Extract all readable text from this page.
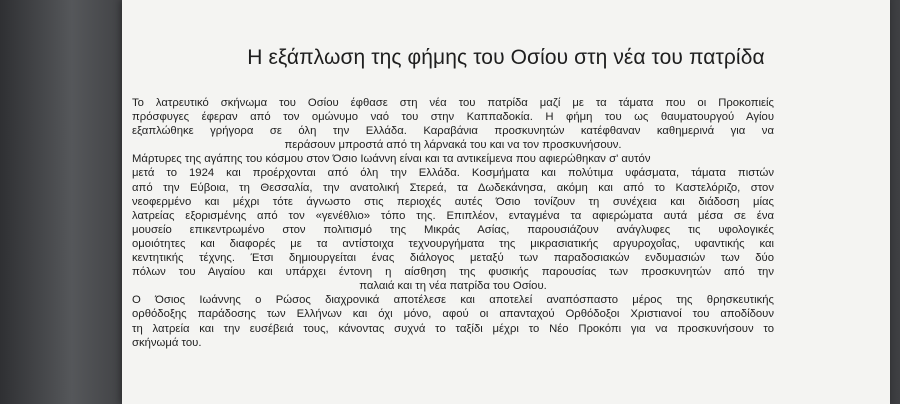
Η εξάπλωση της φήμης του Οσίου στη νέα του πατρίδα
Το λατρευτικό σκήνωμα του Οσίου έφθασε στη νέα του πατρίδα μαζί με τα τάματα που οι Προκοπιείς
πρόσφυγες έφεραν από τον ομώνυμο ναό του στην Καππαδοκία. Η φήμη του ως θαυματουργού Αγίου
εξαπλώθηκε γρήγορα σε όλη την Ελλάδα. Καραβάνια προσκυνητών κατέφθαναν καθημερινά για να
περάσουν μπροστά από τη λάρνακά του και να τον προσκυνήσουν.
Μάρτυρες της αγάπης του κόσμου στον Όσιο Ιωάννη είναι και τα αντικείμενα που αφιερώθηκαν σ' αυτόν
μετά το 1924 και προέρχονται από όλη την Ελλάδα. Κοσμήματα και πολύτιμα υφάσματα, τάματα πιστών
από την Εύβοια, τη Θεσσαλία, την ανατολική Στερεά, τα Δωδεκάνησα, ακόμη και από το Καστελόριζο, στον
νεοφερμένο και μέχρι τότε άγνωστο στις περιοχές αυτές Όσιο τονίζουν τη συνέχεια και διάδοση μίας
λατρείας εξορισμένης από τον «γενέθλιο» τόπο της. Επιπλέον, ενταγμένα τα αφιερώματα αυτά μέσα σε ένα
μουσείο επικεντρωμένο στον πολιτισμό της Μικράς Ασίας, παρουσιάζουν ανάγλυφες τις υφολογικές
ομοιότητες και διαφορές με τα αντίστοιχα τεχνουργήματα της μικρασιατικής αργυροχοΐας, υφαντικής και
κεντητικής τέχνης. Έτσι δημιουργείται ένας διάλογος μεταξύ των παραδοσιακών ενδυμασιών των δύο
πόλων του Αιγαίου και υπάρχει έντονη η αίσθηση της φυσικής παρουσίας των προσκυνητών από την
παλαιά και τη νέα πατρίδα του Οσίου.
Ο Όσιος Ιωάννης ο Ρώσος διαχρονικά αποτέλεσε και αποτελεί αναπόσπαστο μέρος της θρησκευτικής
ορθόδοξης παράδοσης των Ελλήνων και όχι μόνο, αφού οι απανταχού Ορθόδοξοι Χριστιανοί του αποδίδουν
τη λατρεία και την ευσέβειά τους, κάνοντας συχνά το ταξίδι μέχρι το Νέο Προκόπι για να προσκυνήσουν το
σκήνωμά του.
